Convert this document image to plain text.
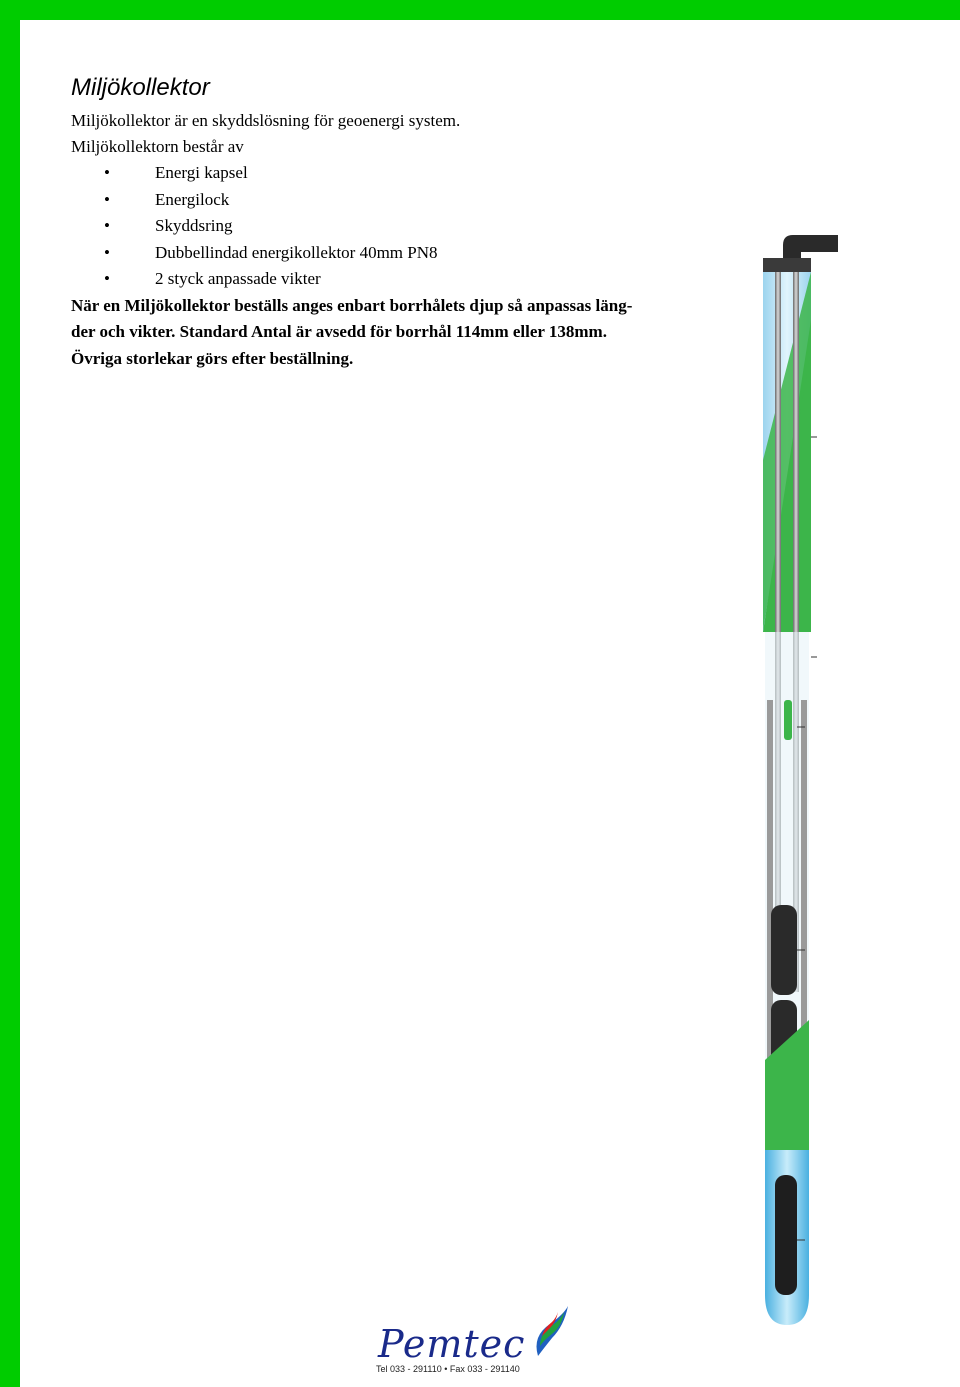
Miljökollektor

Miljökollektor är en skyddslösning för geoenergi system.

Miljökollektorn består av

•	Energi kapsel
•	Energilock
•	Skyddsring
•	Dubbellindad energikollektor 40mm PN8
•	2 styck anpassade vikter

När en Miljökollektor beställs anges enbart borrhålets djup så anpassas läng-

der och vikter. Standard Antal är avsedd för borrhål 114mm eller 138mm.

Övriga storlekar görs efter beställning.

Pemtec
Tel 033 - 291110 • Fax 033 - 291140
